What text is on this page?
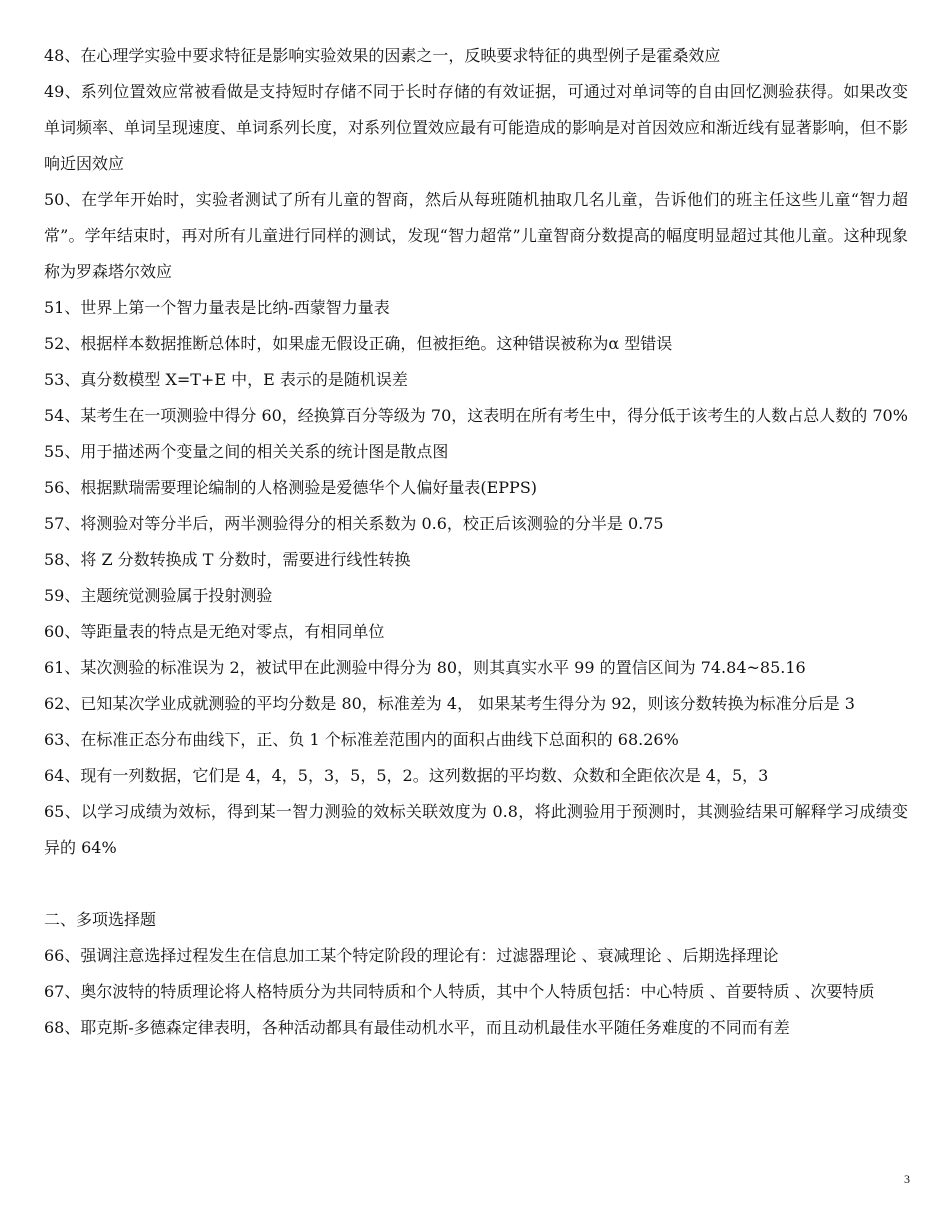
48、在心理学实验中要求特征是影响实验效果的因素之一，反映要求特征的典型例子是霍桑效应

49、系列位置效应常被看做是支持短时存储不同于长时存储的有效证据，可通过对单词等的自由回忆测验获得。如果改变单词频率、单词呈现速度、单词系列长度，对系列位置效应最有可能造成的影响是对首因效应和渐近线有显著影响，但不影响近因效应

50、在学年开始时，实验者测试了所有儿童的智商，然后从每班随机抽取几名儿童，告诉他们的班主任这些儿童“智力超常”。学年结束时，再对所有儿童进行同样的测试，发现“智力超常”儿童智商分数提高的幅度明显超过其他儿童。这种现象称为罗森塔尔效应

51、世界上第一个智力量表是比纳-西蒙智力量表

52、根据样本数据推断总体时，如果虚无假设正确，但被拒绝。这种错误被称为α 型错误

53、真分数模型 X=T+E 中，E 表示的是随机误差

54、某考生在一项测验中得分 60，经换算百分等级为 70，这表明在所有考生中，得分低于该考生的人数占总人数的 70%

55、用于描述两个变量之间的相关关系的统计图是散点图

56、根据默瑞需要理论编制的人格测验是爱德华个人偏好量表(EPPS)

57、将测验对等分半后，两半测验得分的相关系数为 0.6，校正后该测验的分半是 0.75

58、将 Z 分数转换成 T 分数时，需要进行线性转换

59、主题统觉测验属于投射测验

60、等距量表的特点是无绝对零点，有相同单位

61、某次测验的标准误为 2，被试甲在此测验中得分为 80，则其真实水平 99 的置信区间为 74.84~85.16

62、已知某次学业成就测验的平均分数是 80，标准差为 4， 如果某考生得分为 92，则该分数转换为标准分后是 3

63、在标准正态分布曲线下，正、负 1 个标准差范围内的面积占曲线下总面积的 68.26%

64、现有一列数据，它们是 4，4，5，3，5，5，2。这列数据的平均数、众数和全距依次是 4，5，3

65、以学习成绩为效标，得到某一智力测验的效标关联效度为 0.8，将此测验用于预测时，其测验结果可解释学习成绩变异的 64%

二、多项选择题

66、强调注意选择过程发生在信息加工某个特定阶段的理论有：过滤器理论 、衰减理论 、后期选择理论

67、奥尔波特的特质理论将人格特质分为共同特质和个人特质，其中个人特质包括：中心特质 、首要特质 、次要特质

68、耶克斯-多德森定律表明，各种活动都具有最佳动机水平，而且动机最佳水平随任务难度的不同而有差

3
